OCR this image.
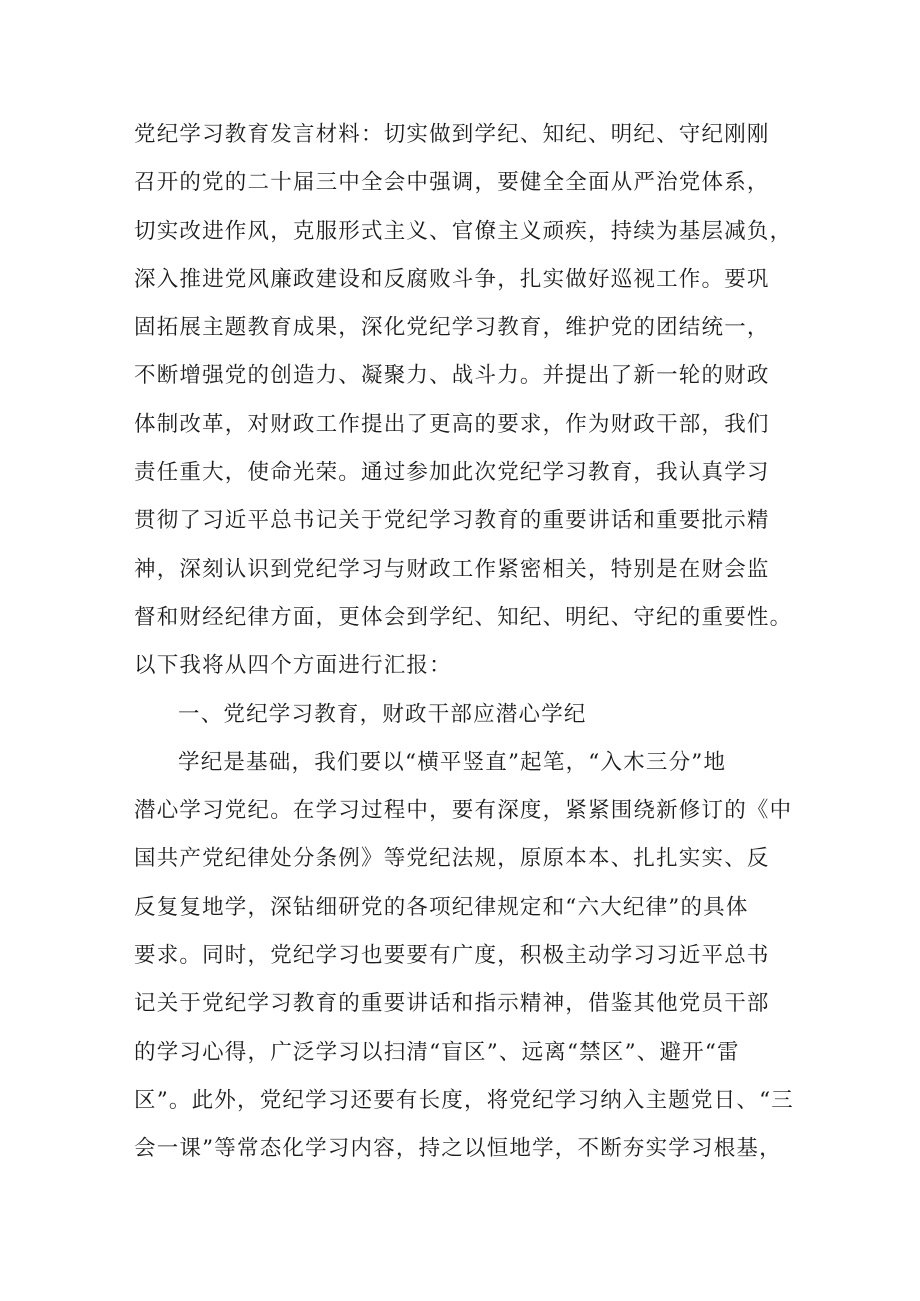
党纪学习教育发言材料：切实做到学纪、知纪、明纪、守纪刚刚
召开的党的二十届三中全会中强调，要健全全面从严治党体系，
切实改进作风，克服形式主义、官僚主义顽疾，持续为基层减负，
深入推进党风廉政建设和反腐败斗争，扎实做好巡视工作。要巩
固拓展主题教育成果，深化党纪学习教育，维护党的团结统一，
不断增强党的创造力、凝聚力、战斗力。并提出了新一轮的财政
体制改革，对财政工作提出了更高的要求，作为财政干部，我们
责任重大，使命光荣。通过参加此次党纪学习教育，我认真学习
贯彻了习近平总书记关于党纪学习教育的重要讲话和重要批示精
神，深刻认识到党纪学习与财政工作紧密相关，特别是在财会监
督和财经纪律方面，更体会到学纪、知纪、明纪、守纪的重要性。
以下我将从四个方面进行汇报：
一、党纪学习教育，财政干部应潜心学纪
学纪是基础，我们要以“横平竖直”起笔，“入木三分”地
潜心学习党纪。在学习过程中，要有深度，紧紧围绕新修订的《中
国共产党纪律处分条例》等党纪法规，原原本本、扎扎实实、反
反复复地学，深钻细研党的各项纪律规定和“六大纪律”的具体
要求。同时，党纪学习也要要有广度，积极主动学习习近平总书
记关于党纪学习教育的重要讲话和指示精神，借鉴其他党员干部
的学习心得，广泛学习以扫清“盲区”、远离“禁区”、避开“雷
区”。此外，党纪学习还要有长度，将党纪学习纳入主题党日、“三
会一课”等常态化学习内容，持之以恒地学，不断夯实学习根基，
